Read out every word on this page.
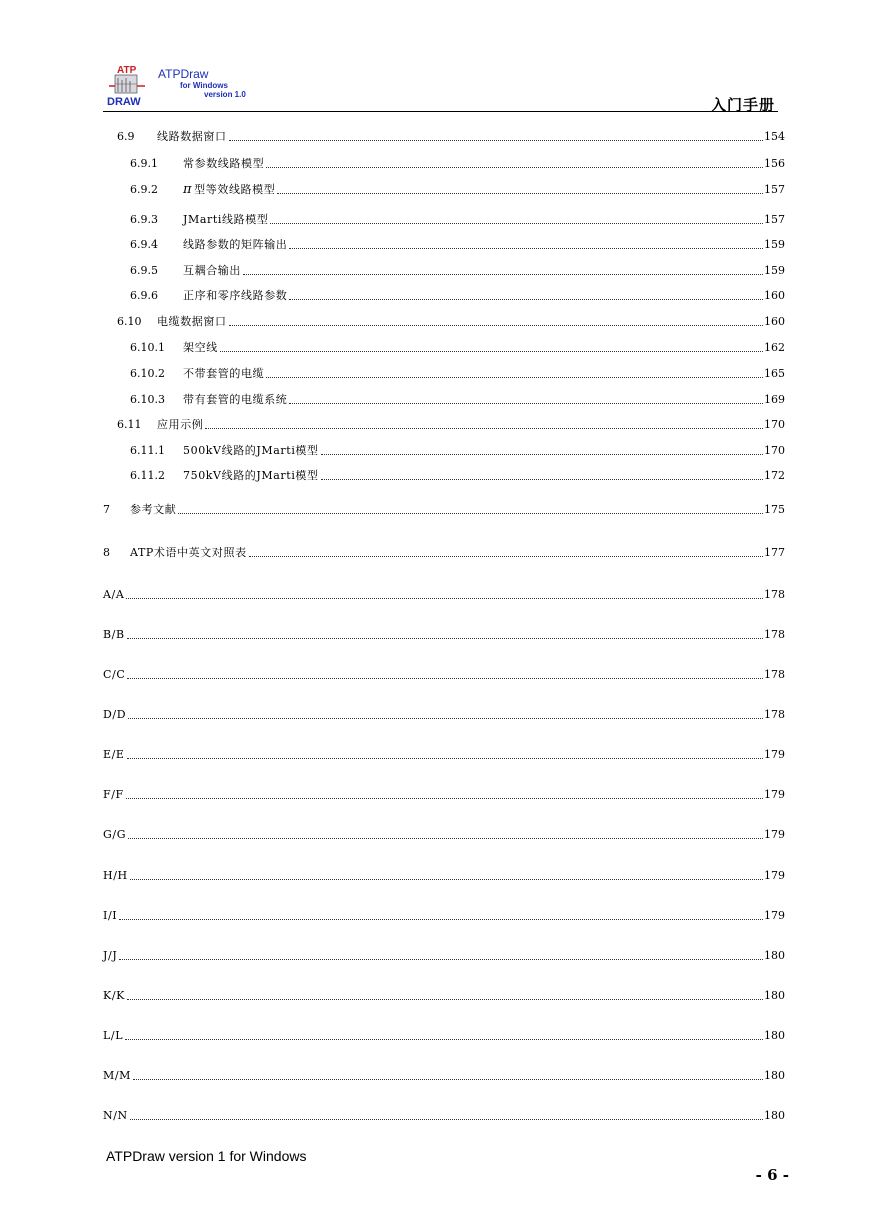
ATP
DRAW
ATPDraw
for Windows
version 1.0
入门手册
6.9 线路数据窗口	154
6.9.1 常参数线路模型	156
6.9.2 π 型等效线路模型	157
6.9.3 JMarti线路模型	157
6.9.4 线路参数的矩阵输出	159
6.9.5 互耦合输出	159
6.9.6 正序和零序线路参数	160
6.10 电缆数据窗口	160
6.10.1 架空线	162
6.10.2 不带套管的电缆	165
6.10.3 带有套管的电缆系统	169
6.11 应用示例	170
6.11.1 500kV线路的JMarti模型	170
6.11.2 750kV线路的JMarti模型	172
7 参考文献	175
8 ATP术语中英文对照表	177
A/A	178
B/B	178
C/C	178
D/D	178
E/E	179
F/F	179
G/G	179
H/H	179
I/I	179
J/J	180
K/K	180
L/L	180
M/M	180
N/N	180
ATPDraw version 1 for Windows
- 6 -
